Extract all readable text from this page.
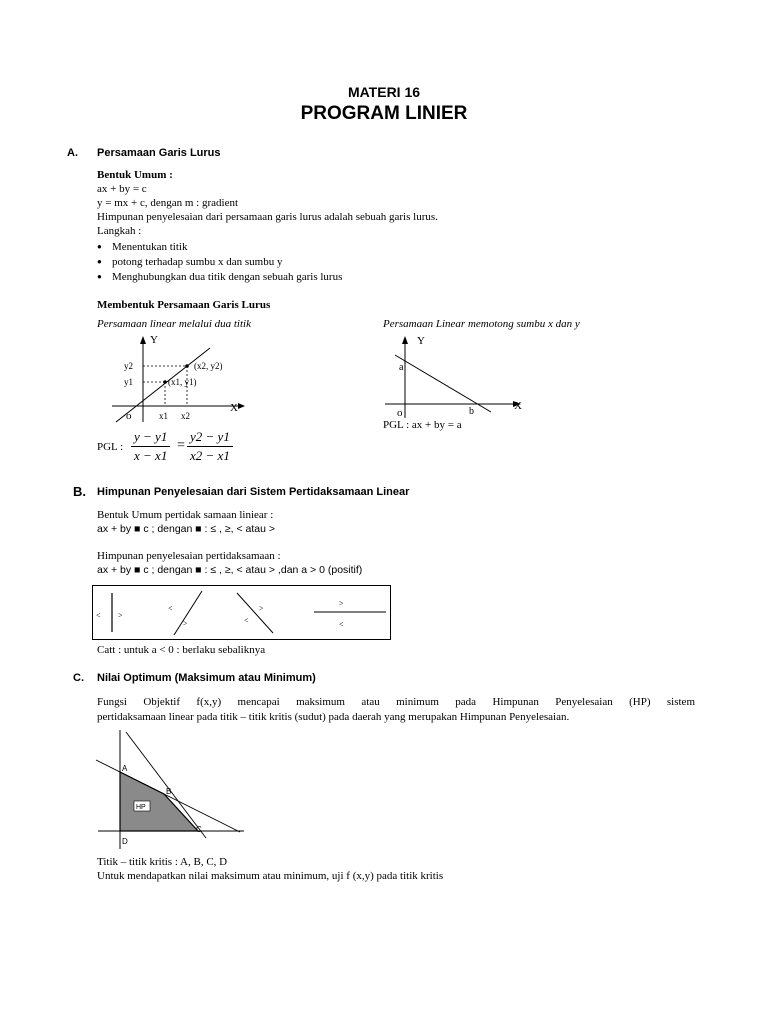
MATERI 16
PROGRAM LINIER
A. Persamaan Garis Lurus
Bentuk Umum :
ax + by = c
y = mx + c, dengan m : gradient
Himpunan penyelesaian dari persamaan garis lurus adalah sebuah garis lurus.
Langkah :
● Menentukan titik
● potong terhadap sumbu x dan sumbu y
● Menghubungkan dua titik dengan sebuah garis lurus
Membentuk Persamaan Garis Lurus
Persamaan linear melalui dua titik	Persamaan Linear memotong sumbu x dan y
Y
X
o
y2
y1
x1 x2
(x2, y2)
(x1, y1)
Y
X
o
a
b
PGL : ax + by = a
PGL : $\frac{y - y1}{x - x1} = \frac{y2 - y1}{x2 - x1}$
B. Himpunan Penyelesaian dari Sistem Pertidaksamaan Linear
Bentuk Umum pertidak samaan liniear :
ax + by ■ c ; dengan ■ : ≤ , ≥, < atau >
Himpunan penyelesaian pertidaksamaan :
ax + by ■ c ; dengan ■ : ≤ , ≥, < atau > ,dan a > 0 (positif)
< >
<
>
>
<
>
<
Catt : untuk a < 0 : berlaku sebaliknya
C. Nilai Optimum (Maksimum atau Minimum)
Fungsi Objektif f(x,y) mencapai maksimum atau minimum pada Himpunan Penyelesaian (HP) sistem
pertidaksamaan linear pada titik – titik kritis (sudut) pada daerah yang merupakan Himpunan Penyelesaian.
A
B
C
D
HP
Titik – titik kritis : A, B, C, D
Untuk mendapatkan nilai maksimum atau minimum, uji f (x,y) pada titik kritis
